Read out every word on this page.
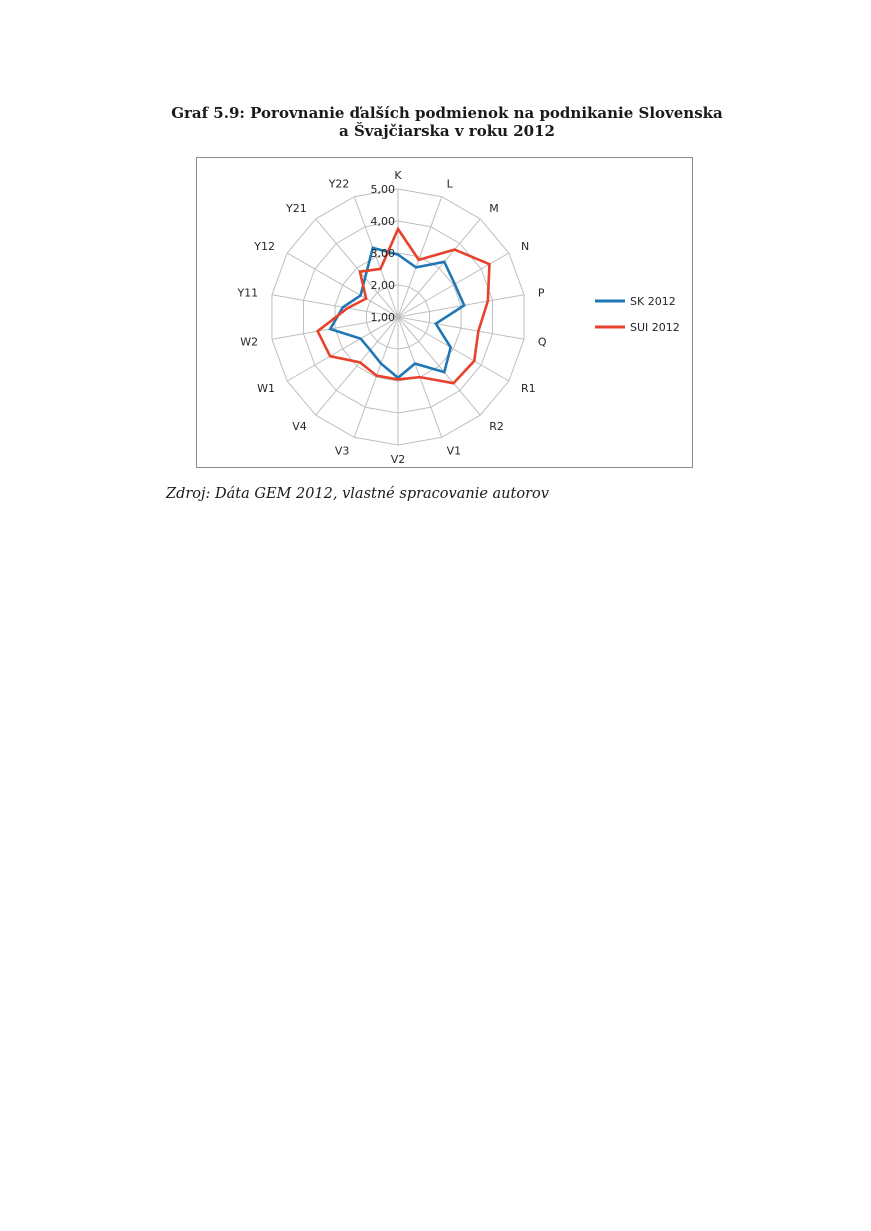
Graf 5.9: Porovnanie ďalších podmienok na podnikanie Slovenska
a Švajčiarska v roku 2012
1,00
2,00
3,00
4,00
5,00
K
L
M
N
P
Q
R1
R2
V1
V2
V3
V4
W1
W2
Y11
Y12
Y21
Y22
SK 2012
SUI 2012
Zdroj: Dáta GEM 2012, vlastné spracovanie autorov
